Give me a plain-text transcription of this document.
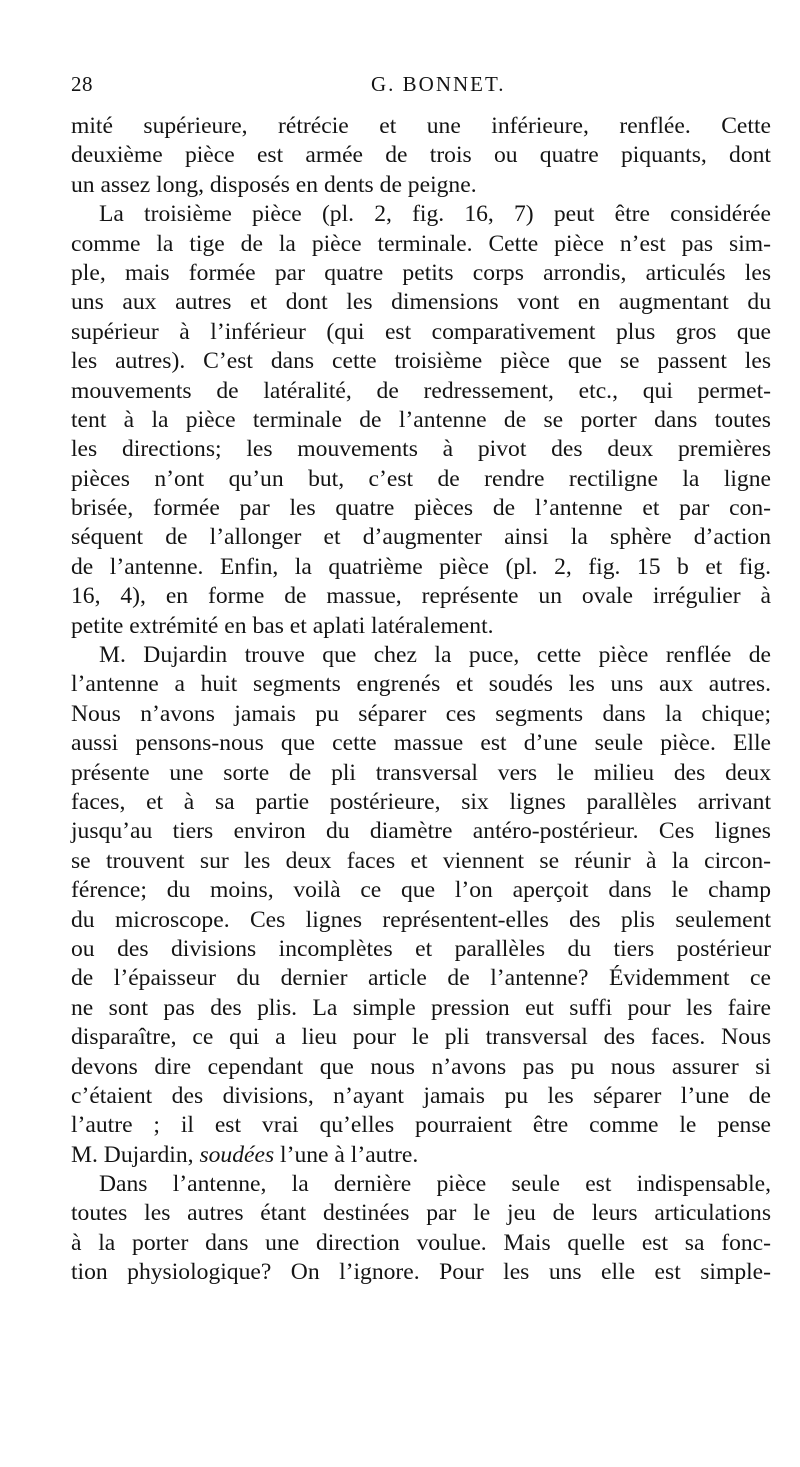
28	G. BONNET.
mité supérieure, rétrécie et une inférieure, renflée. Cette
deuxième pièce est armée de trois ou quatre piquants, dont
un assez long, disposés en dents de peigne.
La troisième pièce (pl. 2, fig. 16, 7) peut être considérée
comme la tige de la pièce terminale. Cette pièce n’est pas sim-
ple, mais formée par quatre petits corps arrondis, articulés les
uns aux autres et dont les dimensions vont en augmentant du
supérieur à l’inférieur (qui est comparativement plus gros que
les autres). C’est dans cette troisième pièce que se passent les
mouvements de latéralité, de redressement, etc., qui permet-
tent à la pièce terminale de l’antenne de se porter dans toutes
les directions; les mouvements à pivot des deux premières
pièces n’ont qu’un but, c’est de rendre rectiligne la ligne
brisée, formée par les quatre pièces de l’antenne et par con-
séquent de l’allonger et d’augmenter ainsi la sphère d’action
de l’antenne. Enfin, la quatrième pièce (pl. 2, fig. 15 b et fig.
16, 4), en forme de massue, représente un ovale irrégulier à
petite extrémité en bas et aplati latéralement.
M. Dujardin trouve que chez la puce, cette pièce renflée de
l’antenne a huit segments engrenés et soudés les uns aux autres.
Nous n’avons jamais pu séparer ces segments dans la chique;
aussi pensons-nous que cette massue est d’une seule pièce. Elle
présente une sorte de pli transversal vers le milieu des deux
faces, et à sa partie postérieure, six lignes parallèles arrivant
jusqu’au tiers environ du diamètre antéro-postérieur. Ces lignes
se trouvent sur les deux faces et viennent se réunir à la circon-
férence; du moins, voilà ce que l’on aperçoit dans le champ
du microscope. Ces lignes représentent-elles des plis seulement
ou des divisions incomplètes et parallèles du tiers postérieur
de l’épaisseur du dernier article de l’antenne? Évidemment ce
ne sont pas des plis. La simple pression eut suffi pour les faire
disparaître, ce qui a lieu pour le pli transversal des faces. Nous
devons dire cependant que nous n’avons pas pu nous assurer si
c’étaient des divisions, n’ayant jamais pu les séparer l’une de
l’autre ; il est vrai qu’elles pourraient être comme le pense
M. Dujardin, soudées l’une à l’autre.
Dans l’antenne, la dernière pièce seule est indispensable,
toutes les autres étant destinées par le jeu de leurs articulations
à la porter dans une direction voulue. Mais quelle est sa fonc-
tion physiologique? On l’ignore. Pour les uns elle est simple-
